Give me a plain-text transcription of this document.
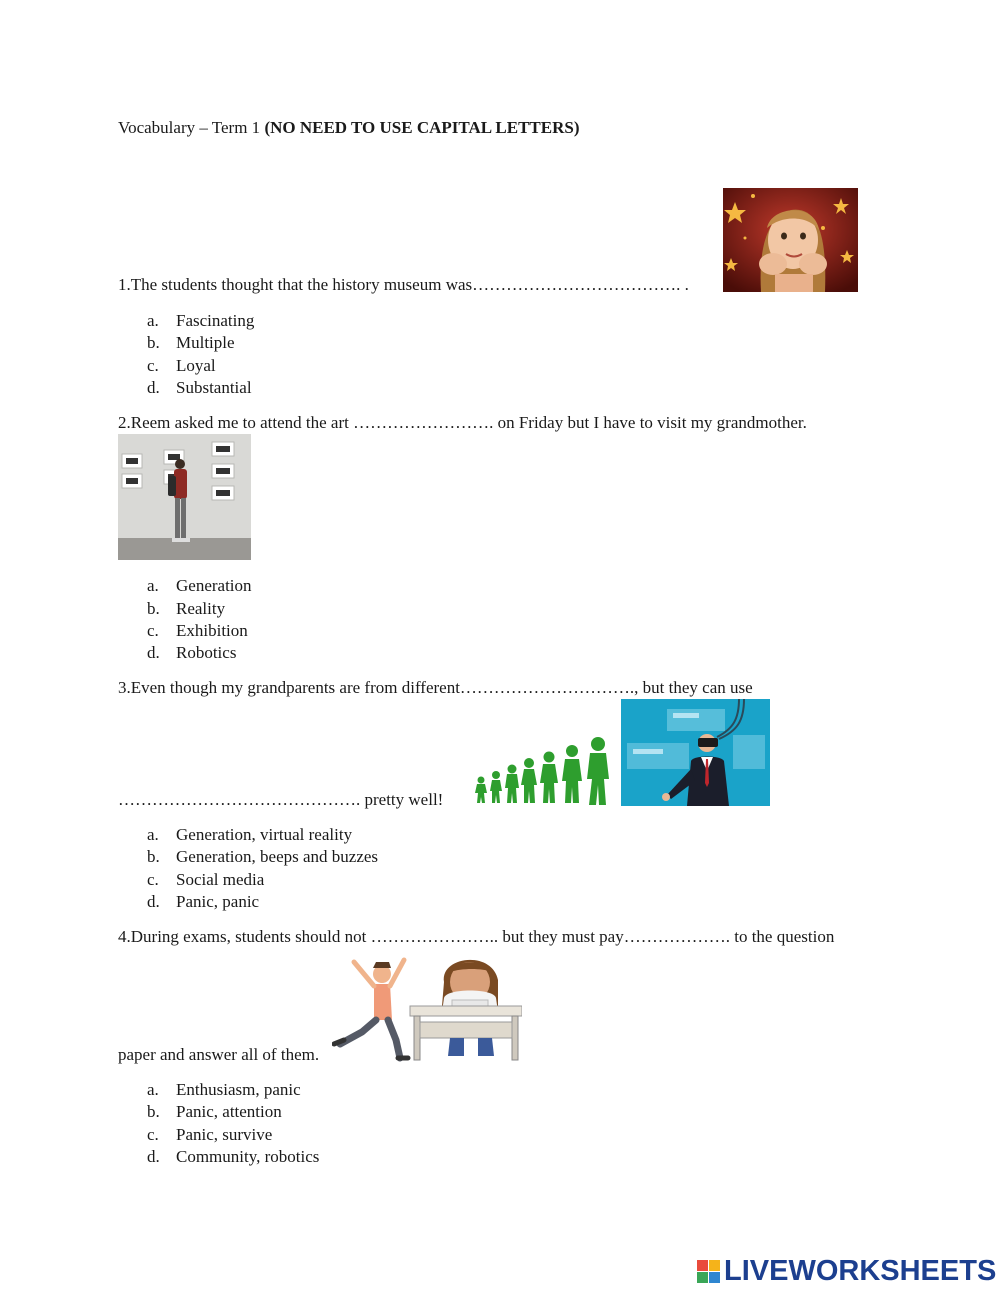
Vocabulary – Term 1 (NO NEED TO USE CAPITAL LETTERS)
1.The students thought that the history museum was………………………………. .
a. Fascinating
b. Multiple
c. Loyal
d. Substantial
2.Reem asked me to attend the art ……………………. on Friday but I have to visit my grandmother.
a. Generation
b. Reality
c. Exhibition
d. Robotics
3.Even though my grandparents are from different…………………………., but they can use
……………………………………. pretty well!
a. Generation, virtual reality
b. Generation, beeps and buzzes
c. Social media
d. Panic, panic
4.During exams, students should not ………………….. but they must pay………………. to the question
paper and answer all of them.
a. Enthusiasm, panic
b. Panic, attention
c. Panic, survive
d. Community, robotics
LIVEWORKSHEETS
